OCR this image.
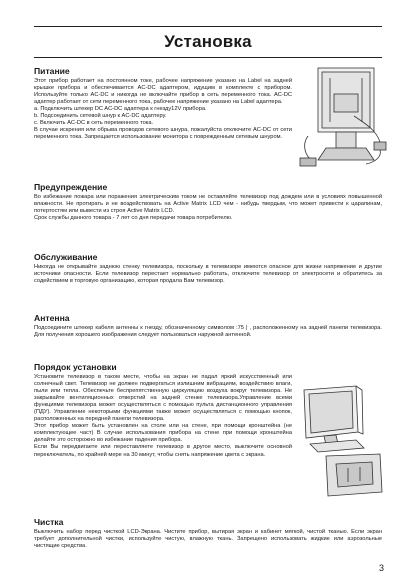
Установка
Питание

Этот прибор работает на постоянном токе, рабочее напряжение указано на Label на задней крышке прибора и обеспечивается AC-DC адаптером, идущим в комплекте с прибором. Используйте только AC-DC и никогда не включайте прибор в сеть переменного тока. AC-DC адаптер работает от сети переменного тока, рабочее напряжение указано на Label адаптера.

a. Подключить штекер DC AC-DC адаптера к гнезду12V прибора.

b. Подсоединить сетевой шнур к AC-DC адаптеру.

c. Включить AC-DC в сеть переменного тока.

В случае искрения или обрыва проводов сетевого шнура, пожалуйста отключите AC-DC от сети переменного тока. Запрещается использование монитора с поврежденным сетевым шнуром.

Предупреждение

Во избежание пожара или поражения электрическим током не оставляйте телевизор под дождем или в условиях повышенной влажности. Не протирать и не воздействовать на Active Matrix LCD чем - нибудь твердым, что может привести к царапинам, потертостям или вывести из строя Active Matrix LCD.

Срок службы данного товара - 7 лет со дня передачи товара потребителю.

Обслуживание

Никогда не открывайте заднюю стенку телевизора, поскольку в телевизоре имеются опасное для жизни напряжение и другие источники опасности. Если телевизор перестает нормально работать, отключите телевизор от электросети и обратитесь за содействием в торговую организацию, которая продала Вам телевизор.

Антенна

Подсоедините штекер кабеля антенны к гнезду, обозначенному символом :75 | , расположенному на задней панели телевизора. Для получения хорошего изображения следует пользоваться наружной антенной.

Порядок установки

Установите телевизор в таком месте, чтобы на экран не падал яркий искусственный или солнечный свет. Телевизор не должен подвергаться излишним вибрациям, воздействию влаги, пыли или тепла. Обеспечьте беспрепятственную циркуляцию воздуха вокруг телевизора. Не закрывайте вентиляционных отверстий на задней стенке телевизора.Управление всеми функциями телевизора может осуществляться с помощью пульта дистанционного управления (ПДУ). Управление некоторыми функциями также может осуществляться с помощью кнопок, расположенных на передней панели телевизора.

Этот прибор может быть установлен на столе или на стене, при помощи кронштейна (не комплектующее част) В случае использования прибора на стене при помощи кронштейна делайте это осторожно во избежание падения прибора.

Если Вы передвигаете или переставляете телевизор в другое место, выключите основной переключатель, по крайней мере на 30 минут, чтобы снять напряжение цвета с экрана.

Чистка

Выключить набор перед чисткой LCD-Экрана. Чистите прибор, вытирая экран и кабинет мягкой, чистой тканью. Если экран требует дополнительной чистки, используйте чистую, влажную ткань. Запрещено использовать жидкие или аэрозольные чистящие средства.

3
